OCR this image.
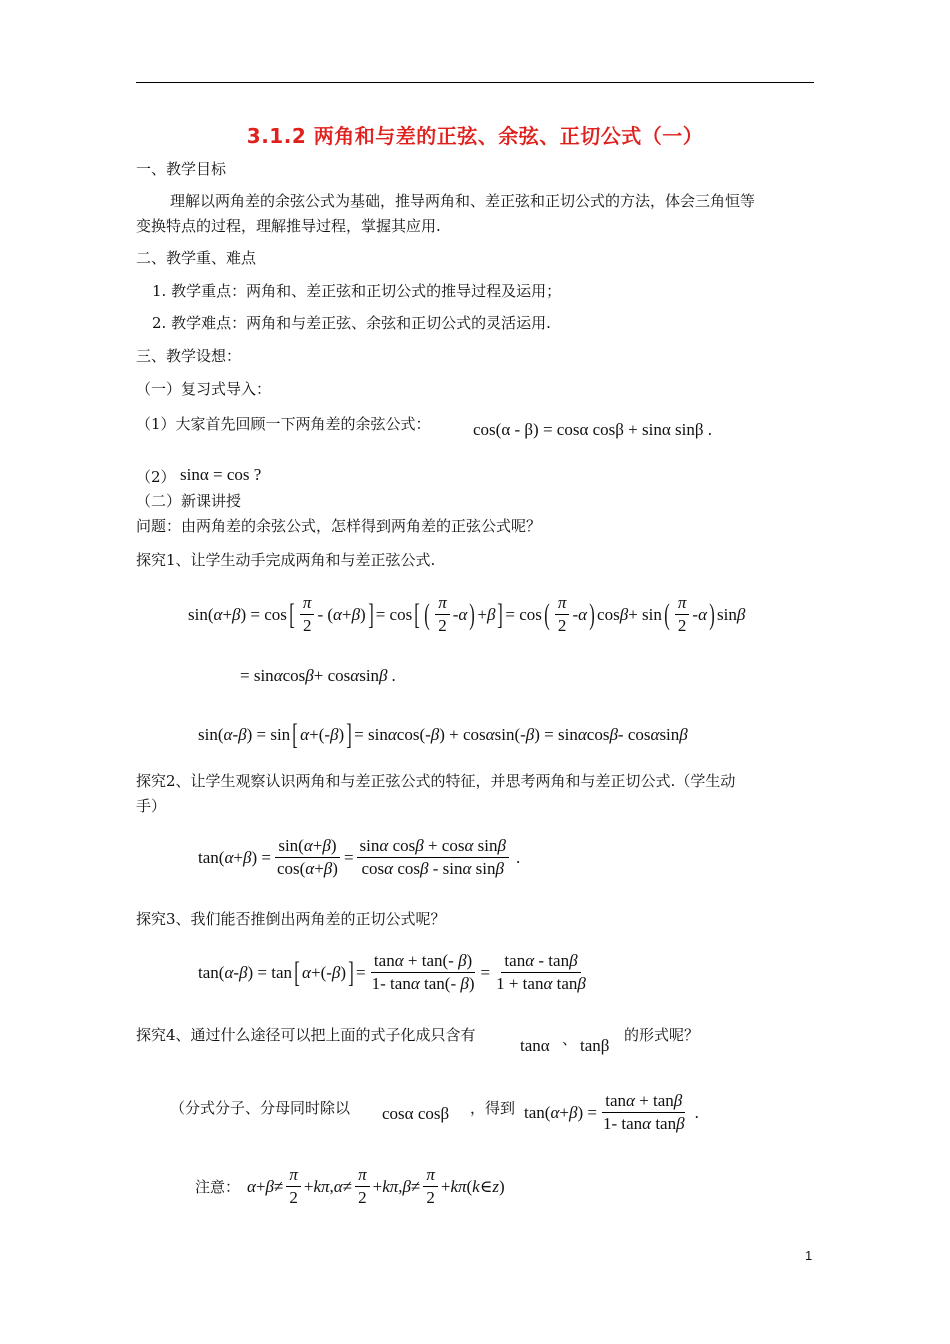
3.1.2 两角和与差的正弦、余弦、正切公式（一）
一、教学目标
理解以两角差的余弦公式为基础，推导两角和、差正弦和正切公式的方法，体会三角恒等
变换特点的过程，理解推导过程，掌握其应用.
二、教学重、难点
1. 教学重点：两角和、差正弦和正切公式的推导过程及运用；
2. 教学难点：两角和与差正弦、余弦和正切公式的灵活运用.
三、教学设想：
（一）复习式导入：
（1）大家首先回顾一下两角差的余弦公式： cos(α - β) = cosα cosβ + sinα sinβ .
（2） sinα = cos ?
（二）新课讲授
问题：由两角差的余弦公式，怎样得到两角差的正弦公式呢？
探究1、让学生动手完成两角和与差正弦公式.
sin( α + β ) = cos [ $\frac{\pi}{2}$ - ( α + β ) ] = cos [ ( $\frac{\pi}{2}$ - α ) + β ] = cos ( $\frac{\pi}{2}$ - α ) cos β + sin ( $\frac{\pi}{2}$ - α ) sin β
= sin α cos β + cos α sin β .
sin( α - β ) = sin [ α +(- β ) ] = sin α cos(- β ) + cos α sin(- β ) = sin α cos β - cos α sin β
探究2、让学生观察认识两角和与差正弦公式的特征，并思考两角和与差正切公式.（学生动
手）
tan( α + β ) = $\frac{\sin(\alpha+\beta)}{\cos(\alpha+\beta)} = \frac{\text{sinα cosβ + cosα sinβ}}{\text{cosα cosβ - sinα sinβ}}$ .
探究3、我们能否推倒出两角差的正切公式呢？
tan( α - β ) = tan [ α +(- β ) ] = $\frac{\tan\alpha + \tan(- \beta)}{\text{1- tanα tan(- β)}} = \frac{\tan\alpha - \tan\beta}{\text{1 + tanα tanβ}}$
探究4、通过什么途径可以把上面的式子化成只含有
tanα 、 tanβ
的形式呢？
（分式分子、分母同时除以 cosα cosβ ，得到 tan( α + β ) = $\frac{\tan\alpha + \tan\beta}{\text{1- tanα tanβ}}$ .
注意： $\alpha + \beta \ne \frac{\pi}{2} + k\pi$ , $\alpha \ne \frac{\pi}{2} + k\pi$ , $\beta \ne \frac{\pi}{2} + k\pi$ ( k ∈ z )
1
